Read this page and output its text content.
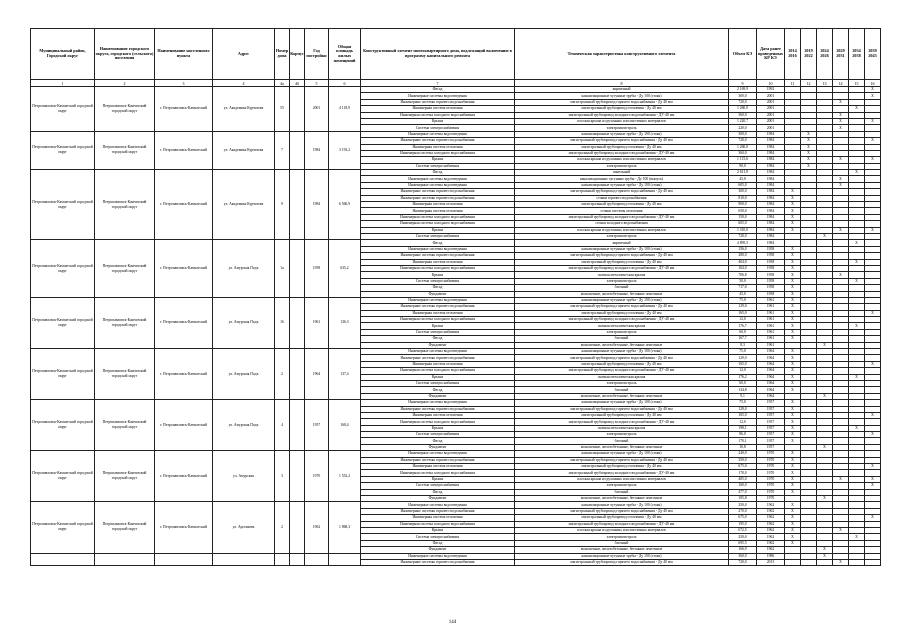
Муниципальный район, Городской округ	Наименование городского округа, городского (сельского) поселения	Наименование населенного пункта	Адрес	Номер дома	Корпус	Год постройки	Общая площадь жилых помещений	Конструктивный элемент многоквартирного дома, подлежащий включению в программу капитального ремонта	Техническая характеристика конструктивного элемента	Объем КЭ	Дата ранее проведенных КР КЭ	2014 2016	2019 2022	2024 2026	2029 2031	2034 2038	2039 2043
1	2	3	4	4а	4б	5	6	7	8	9	10	11	12	13	14	15	16
Петропавловск-Камчатский городской округ	Петропавловск-Камчатский городской округ	г. Петропавловск-Камчатский	ул. Академика Курчатова	55		2001	4 118,9	Фасад	кирпичный	2 169,9	1992						X
								Инженерные системы водоотведения	канализационные чугунные трубы - Ду 100 (стояк)	300,0	2001						X
								Инженерные системы горячего водоснабжения	магистральный трубопровод горячего водоснабжения - Ду 40 мм	720,0	2001				X		
								Инженерная система отопления	магистральный трубопровод отопления - Ду 40 мм	1 260,0	2001					X	
								Инженерная система холодного водоснабжения	магистральный трубопровод холодного водоснабжения - ДУ-40 мм	360,0	2001				X		
								Крыша	плоская крыша из рулонных или мастичных материалов	1 220,7	2001				X		X
								Система электроснабжения	электромагистраль	220,0	2001				X		
Петропавловск-Камчатский городской округ	Петропавловск-Камчатский городской округ	г. Петропавловск-Камчатский	ул. Академика Курчатова	7		1984	3 193,2	Инженерные системы водоотведения	канализационные чугунные трубы - Ду 100 (стояк)	300,0	1984		X				
								Инженерные системы горячего водоснабжения	магистральный трубопровод горячего водоснабжения - Ду 40 мм	720,0	1984		X				X
								Инженерная система отопления	магистральный трубопровод отопления - Ду 40 мм	1 260,0	1984		X				
								Инженерная система холодного водоснабжения	магистральный трубопровод холодного водоснабжения - ДУ-40 мм	360,0	1984		X				
								Крыша	плоская крыша из рулонных или мастичных материалов	1 115,6	1984		X		X		X
								Система электроснабжения	электромагистраль	90,0	1984		X				
Петропавловск-Камчатский городской округ	Петропавловск-Камчатский городской округ	г. Петропавловск-Камчатский	ул. Академика Курчатова	9		1984	6 560,9	Фасад	панельный	2 611,9	1984					X	
								Инженерные системы водоотведения	канализационные чугунные трубы - Ду 100 (выпуск)	45,0	1984				X		
								Инженерные системы водоотведения	канализационные чугунные трубы - Ду 100 (стояк)	605,0	1984				X		
								Инженерные системы горячего водоснабжения	магистральный трубопровод горячего водоснабжения - Ду 40 мм	300,0	1984	X					
								Инженерные системы горячего водоснабжения	стояки горячего водоснабжения	810,0	1984	X					
								Инженерная система отопления	магистральный трубопровод отопления - Ду 40 мм	900,0	1984	X					
								Инженерная система отопления	стояки системы отопления	650,0	1984	X					
								Инженерная система холодного водоснабжения	магистральный трубопровод холодного водоснабжения - ДУ-40 мм	150,0	1984	X					
								Инженерная система холодного водоснабжения	стояки холодного водоснабжения	605,0	1984	X					
								Крыша	плоская крыша из рулонных или мастичных материалов	1 310,0	1984	X			X		X
								Система электроснабжения	электромагистраль	720,0	1984			X			
Петропавловск-Камчатский городской округ	Петропавловск-Камчатский городской округ	г. Петропавловск-Камчатский	ул. Амурская Подъ	1а		1958	635,2	Фасад	кирпичный	4 895,5	1984					X	
								Инженерные системы водоотведения	канализационные чугунные трубы - Ду 100 (стояк)	156,0	1958	X					
								Инженерные системы горячего водоснабжения	магистральный трубопровод горячего водоснабжения - Ду 40 мм	280,0	1958	X					
								Инженерная система отопления	магистральный трубопровод отопления - Ду 40 мм	404,0	1958	X				X	
								Инженерная система холодного водоснабжения	магистральный трубопровод холодного водоснабжения - ДУ-40 мм	104,0	1958	X					
								Крыша	скатная металлическая крыша	706,8	1958	X			X		
								Система электроснабжения	электромагистраль	50,0	1958	X				X	
								Фасад	блочный	717,0	1958	X					
								Фундамент	монолитные, железобетонные, бетонные ленточные	45,0	1958	X					
Петропавловск-Камчатский городской округ	Петропавловск-Камчатский городской округ	г. Петропавловск-Камчатский	ул. Амурская Подъ	16		1961	136,3	Инженерные системы водоотведения	канализационные чугунные трубы - Ду 100 (стояк)	75,0	1961	X					
								Инженерные системы горячего водоснабжения	магистральный трубопровод горячего водоснабжения - Ду 40 мм	129,0	1961	X					
								Инженерная система отопления	магистральный трубопровод отопления - Ду 40 мм	165,0	1961	X					X
								Инженерная система холодного водоснабжения	магистральный трубопровод холодного водоснабжения - ДУ-40 мм	12,0	1961	X					
								Крыша	скатная металлическая крыша	176,7	1961	X				X	
								Система электроснабжения	электромагистраль	60,0	1961	X					
								Фасад	блочный	167,7	1961	X					
								Фундамент	монолитные, железобетонные, бетонные ленточные	8,3	1961			X			
Петропавловск-Камчатский городской округ	Петропавловск-Камчатский городской округ	г. Петропавловск-Камчатский	ул. Амурская Подъ	2		1964	137,4	Инженерные системы водоотведения	канализационные чугунные трубы - Ду 100 (стояк)	75,0	1964	X					
								Инженерные системы горячего водоснабжения	магистральный трубопровод горячего водоснабжения - Ду 40 мм	129,0	1964	X					
								Инженерная система отопления	магистральный трубопровод отопления - Ду 40 мм	165,0	1964	X					X
								Инженерная система холодного водоснабжения	магистральный трубопровод холодного водоснабжения - ДУ-40 мм	12,0	1964	X					
								Крыша	скатная металлическая крыша	176,2	1964	X				X	
								Система электроснабжения	электромагистраль	60,0	1964	X					
								Фасад	блочный	134,8	1964	X					
								Фундамент	монолитные, железобетонные, бетонные ленточные	9,1	1964			X			
Петропавловск-Камчатский городской округ	Петропавловск-Камчатский городской округ	г. Петропавловск-Камчатский	ул. Амурская Подъ	4		1957	168,4	Инженерные системы водоотведения	канализационные чугунные трубы - Ду 100 (стояк)	75,0	1957	X					
								Инженерные системы горячего водоснабжения	магистральный трубопровод горячего водоснабжения - Ду 40 мм	129,0	1957	X					
								Инженерная система отопления	магистральный трубопровод отопления - Ду 40 мм	165,0	1957	X					X
								Инженерная система холодного водоснабжения	магистральный трубопровод холодного водоснабжения - ДУ-40 мм	12,0	1957	X					
								Крыша	скатная металлическая крыша	198,1	1957	X				X	
								Система электроснабжения	электромагистраль	86,0	1957	X					X
								Фасад	блочный	170,1	1957	X					
								Фундамент	монолитные, железобетонные, бетонные ленточные	10,8	1957			X			
Петропавловск-Камчатский городской округ	Петропавловск-Камчатский городской округ	г. Петропавловск-Камчатский	ул. Амурская	3		1970	1 552,2	Инженерные системы водоотведения	канализационные чугунные трубы - Ду 100 (стояк)	240,0	1970	X					
								Инженерные системы горячего водоснабжения	магистральный трубопровод горячего водоснабжения - Ду 40 мм	350,0	1970	X					
								Инженерная система отопления	магистральный трубопровод отопления - Ду 40 мм	675,0	1970	X					X
								Инженерная система холодного водоснабжения	магистральный трубопровод холодного водоснабжения - ДУ-40 мм	170,0	1970	X					
								Крыша	плоская крыша из рулонных или мастичных материалов	405,0	1970	X			X		X
								Система электроснабжения	электромагистраль	160,0	1970	X					X
								Фасад	блочный	477,0	1970	X					
								Фундамент	монолитные, железобетонные, бетонные ленточные	105,8	1970			X			
Петропавловск-Камчатский городской округ	Петропавловск-Камчатский городской округ	г. Петропавловск-Камчатский	ул. Арсеньева	2		1962	1 868,3	Инженерные системы водоотведения	канализационные чугунные трубы - Ду 100 (стояк)	250,0	1962	X					
								Инженерные системы горячего водоснабжения	магистральный трубопровод горячего водоснабжения - Ду 40 мм	270,0	1962	X					
								Инженерная система отопления	магистральный трубопровод отопления - Ду 40 мм	675,0	1962	X					X
								Инженерная система холодного водоснабжения	магистральный трубопровод холодного водоснабжения - ДУ-40 мм	195,0	1962	X					
								Крыша	плоская крыша из рулонных или мастичных материалов	672,5	1962	X			X		
								Система электроснабжения	электромагистраль	250,0	1962	X				X	
								Фасад	блочный	695,5	1962	X					
								Фундамент	монолитные, железобетонные, бетонные ленточные	166,9	1962			X			
								Инженерные системы водоотведения	канализационные чугунные трубы - Ду 100 (стояк)	360,0	1986			X			
								Инженерные системы горячего водоснабжения	магистральный трубопровод горячего водоснабжения - Ду 40 мм	720,0	2013				X		
144
